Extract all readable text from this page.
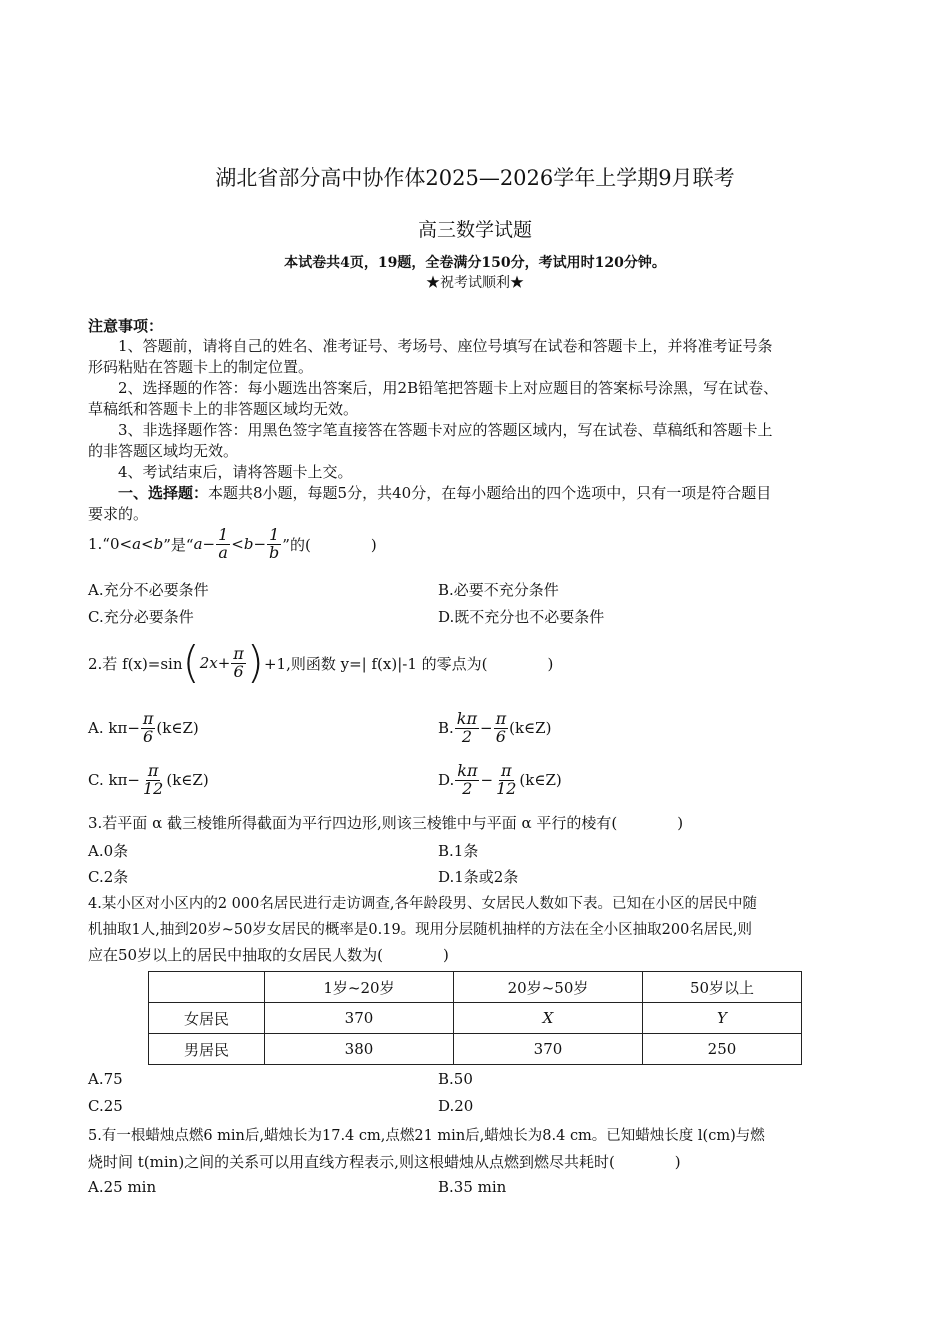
湖北省部分高中协作体2025—2026学年上学期9月联考
高三数学试题
本试卷共4页，19题，全卷满分150分，考试用时120分钟。
★祝考试顺利★
注意事项：
1、答题前，请将自己的姓名、准考证号、考场号、座位号填写在试卷和答题卡上，并将准考证号条
形码粘贴在答题卡上的制定位置。
2、选择题的作答：每小题选出答案后，用2B铅笔把答题卡上对应题目的答案标号涂黑，写在试卷、
草稿纸和答题卡上的非答题区域均无效。
3、非选择题作答：用黑色签字笔直接答在答题卡对应的答题区域内，写在试卷、草稿纸和答题卡上
的非答题区域均无效。
4、考试结束后，请将答题卡上交。
一、选择题：本题共8小题，每题5分，共40分，在每小题给出的四个选项中，只有一项是符合题目
要求的。
1.“0< a < b ”是“ $a - \frac{1}{a} <b- \frac{1}{b}$ ”的(　　　　)
A.充分不必要条件	B.必要不充分条件
C.充分必要条件	D.既不充分也不必要条件
2.若 f(x)=sin ( $2x+ \frac{\pi}{6}$ ) +1,则函数 y=| f(x)|-1 的零点为(　　　　)
A. $k\pi- \frac{\pi}{6}$ (k∈Z)	B. $\frac{k\pi}{2} - \frac{\pi}{6}$ (k∈Z)
C. $k\pi- \frac{\pi}{12}$ (k∈Z)	D. $\frac{k\pi}{2} - \frac{\pi}{12}$ (k∈Z)
3.若平面 α 截三棱锥所得截面为平行四边形,则该三棱锥中与平面 α 平行的棱有(　　　　)
A.0条	B.1条
C.2条	D.1条或2条
4.某小区对小区内的2 000名居民进行走访调查,各年龄段男、女居民人数如下表。已知在小区的居民中随
机抽取1人,抽到20岁~50岁女居民的概率是0.19。现用分层随机抽样的方法在全小区抽取200名居民,则
应在50岁以上的居民中抽取的女居民人数为(　　　　)
	1岁~20岁	20岁~50岁	50岁以上
女居民	370	X	Y
男居民	380	370	250
A.75	B.50
C.25	D.20
5.有一根蜡烛点燃6 min后,蜡烛长为17.4 cm,点燃21 min后,蜡烛长为8.4 cm。已知蜡烛长度 l(cm)与燃
烧时间 t(min)之间的关系可以用直线方程表示,则这根蜡烛从点燃到燃尽共耗时(　　　　)
A.25 min	B.35 min
